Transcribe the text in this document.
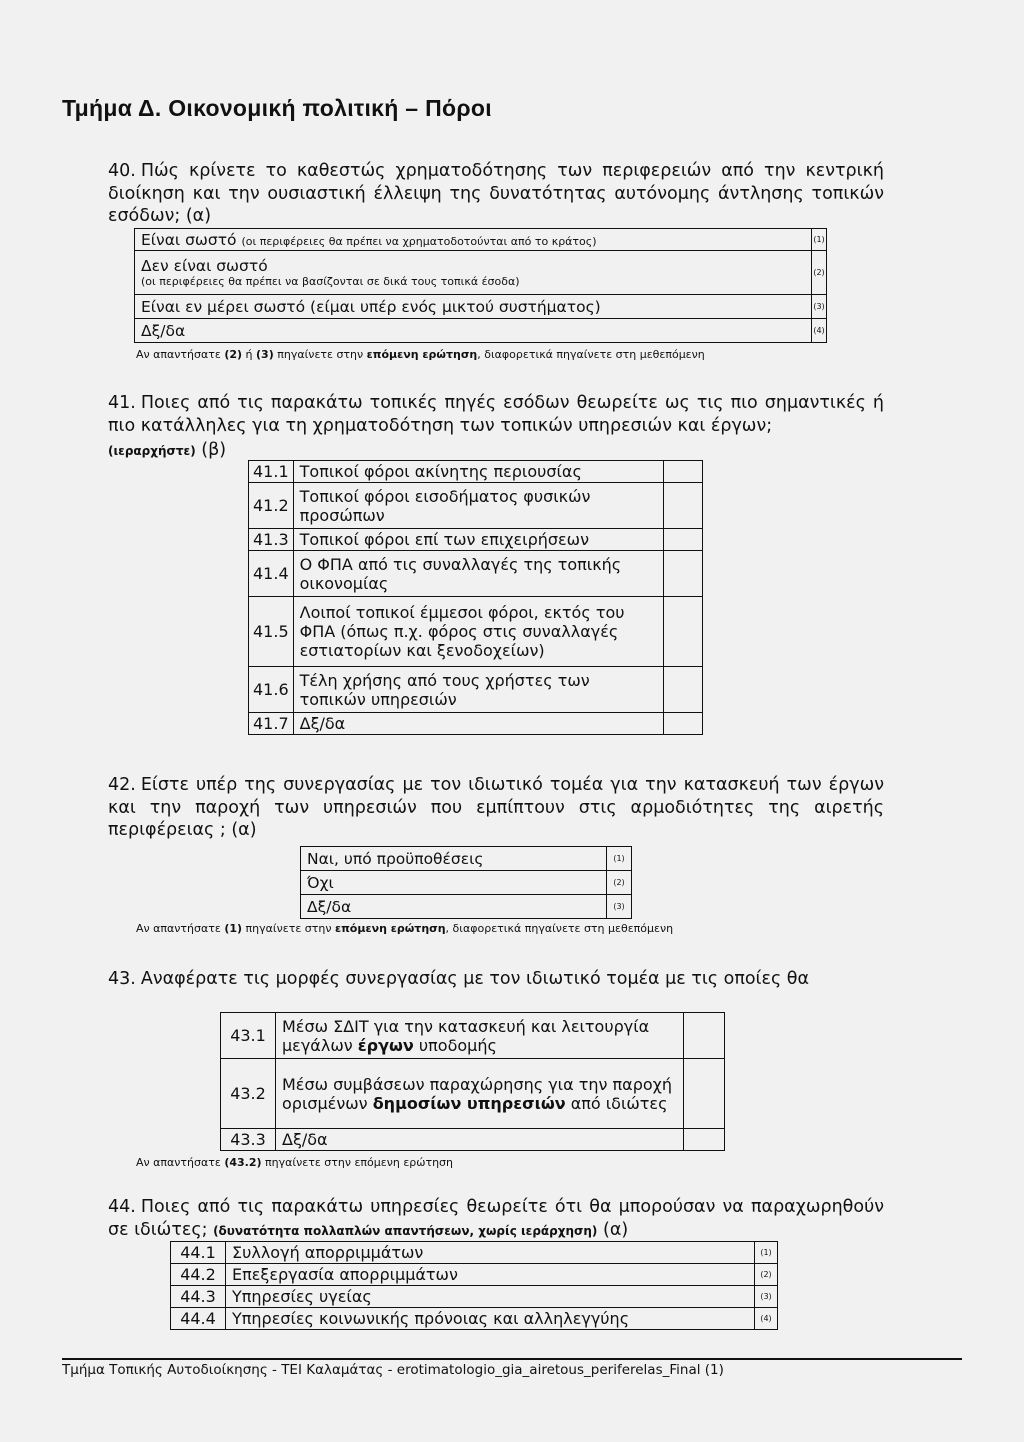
Τμήμα Δ. Οικονομική πολιτική – Πόροι
40. Πώς κρίνετε το καθεστώς χρηματοδότησης των περιφερειών από την κεντρική διοίκηση και την ουσιαστική έλλειψη της δυνατότητας αυτόνομης άντλησης τοπικών εσόδων; (α)
Είναι σωστό (οι περιφέρειες θα πρέπει να χρηματοδοτούνται από το κράτος)	(1)

Δεν είναι σωστό
(οι περιφέρειες θα πρέπει να βασίζονται σε δικά τους τοπικά έσοδα)	(2)
Είναι εν μέρει σωστό (είμαι υπέρ ενός μικτού συστήματος)	(3)
Δξ/δα	(4)
Αν απαντήσατε (2) ή (3) πηγαίνετε στην επόμενη ερώτηση, διαφορετικά πηγαίνετε στη μεθεπόμενη
41. Ποιες από τις παρακάτω τοπικές πηγές εσόδων θεωρείτε ως τις πιο σημαντικές ή πιο κατάλληλες για τη χρηματοδότηση των τοπικών υπηρεσιών και έργων;
(ιεραρχήστε) (β)
41.1	Τοπικοί φόροι ακίνητης περιουσίας	
41.2	Τοπικοί φόροι εισοδήματος φυσικών προσώπων	
41.3	Τοπικοί φόροι επί των επιχειρήσεων	
41.4	Ο ΦΠΑ από τις συναλλαγές της τοπικής οικονομίας	
41.5	Λοιποί τοπικοί έμμεσοι φόροι, εκτός του ΦΠΑ (όπως π.χ. φόρος στις συναλλαγές εστιατορίων και ξενοδοχείων)	
41.6	Τέλη χρήσης από τους χρήστες των τοπικών υπηρεσιών	
41.7	Δξ/δα	
42. Είστε υπέρ της συνεργασίας με τον ιδιωτικό τομέα για την κατασκευή των έργων και την παροχή των υπηρεσιών που εμπίπτουν στις αρμοδιότητες της αιρετής περιφέρειας ; (α)
Ναι, υπό προϋποθέσεις	(1)
Όχι	(2)
Δξ/δα	(3)
Αν απαντήσατε (1) πηγαίνετε στην επόμενη ερώτηση, διαφορετικά πηγαίνετε στη μεθεπόμενη
43. Αναφέρατε τις μορφές συνεργασίας με τον ιδιωτικό τομέα με τις οποίες θα
43.1	Μέσω ΣΔΙΤ για την κατασκευή και λειτουργία μεγάλων έργων υποδομής	
43.2	Μέσω συμβάσεων παραχώρησης για την παροχή ορισμένων δημοσίων υπηρεσιών από ιδιώτες	
43.3	Δξ/δα	
Αν απαντήσατε (43.2) πηγαίνετε στην επόμενη ερώτηση
44. Ποιες από τις παρακάτω υπηρεσίες θεωρείτε ότι θα μπορούσαν να παραχωρηθούν σε ιδιώτες; (δυνατότητα πολλαπλών απαντήσεων, χωρίς ιεράρχηση) (α)
44.1	Συλλογή απορριμμάτων	(1)
44.2	Επεξεργασία απορριμμάτων	(2)
44.3	Υπηρεσίες υγείας	(3)
44.4	Υπηρεσίες κοινωνικής πρόνοιας και αλληλεγγύης	(4)
Τμήμα Τοπικής Αυτοδιοίκησης - ΤΕΙ Καλαμάτας - erotimatologio_gia_airetous_periferelas_Final (1)
